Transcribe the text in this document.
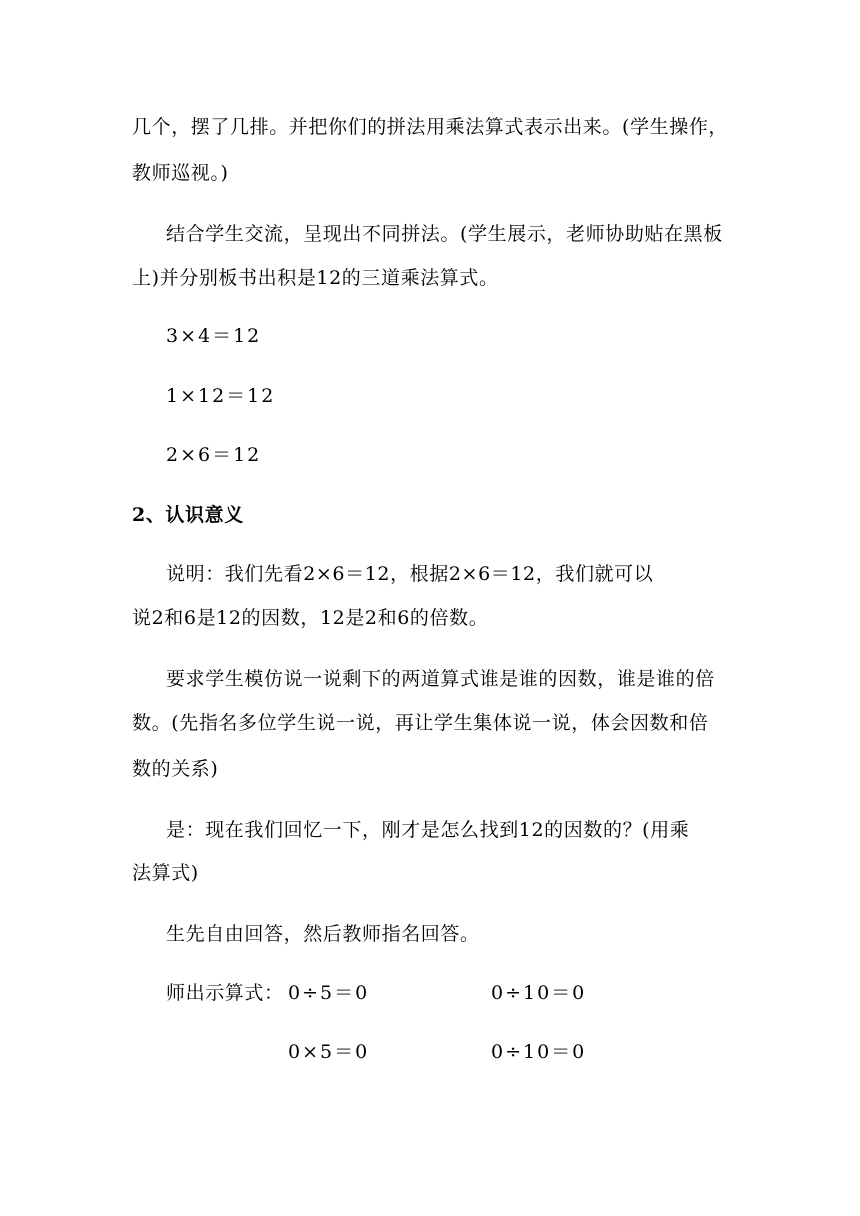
几个，摆了几排。并把你们的拼法用乘法算式表示出来。(学生操作，
教师巡视。)
结合学生交流，呈现出不同拼法。(学生展示，老师协助贴在黑板
上)并分别板书出积是12的三道乘法算式。
3×4＝12
1×12＝12
2×6＝12
2、认识意义
说明：我们先看2×6＝12，根据2×6＝12，我们就可以
说2和6是12的因数，12是2和6的倍数。
要求学生模仿说一说剩下的两道算式谁是谁的因数，谁是谁的倍
数。(先指名多位学生说一说，再让学生集体说一说，体会因数和倍
数的关系)
是：现在我们回忆一下，刚才是怎么找到12的因数的？(用乘
法算式)
生先自由回答，然后教师指名回答。
师出示算式： 0÷5＝0	0÷10＝0
0×5＝0	0÷10＝0
